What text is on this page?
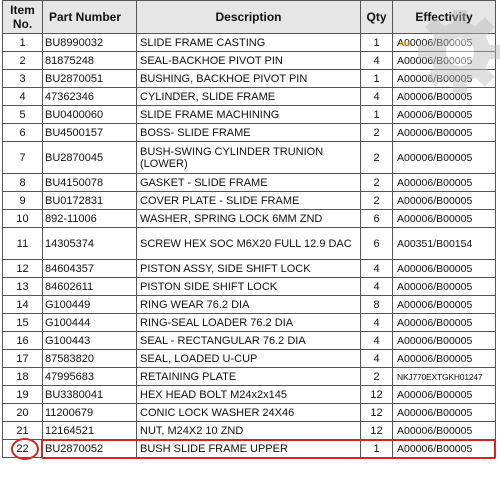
Item No.	Part Number	Description	Qty	Effectivity
1	BU8990032	SLIDE FRAME CASTING	1	A00006/B00005
2	81875248	SEAL-BACKHOE PIVOT PIN	4	A00006/B00005
3	BU2870051	BUSHING, BACKHOE PIVOT PIN	1	A00006/B00005
4	47362346	CYLINDER, SLIDE FRAME	4	A00006/B00005
5	BU0400060	SLIDE FRAME MACHINING	1	A00006/B00005
6	BU4500157	BOSS- SLIDE FRAME	2	A00006/B00005
7	BU2870045	BUSH-SWING CYLINDER TRUNION (LOWER)	2	A00006/B00005
8	BU4150078	GASKET - SLIDE FRAME	2	A00006/B00005
9	BU0172831	COVER PLATE - SLIDE FRAME	2	A00006/B00005
10	892-11006	WASHER, SPRING LOCK 6MM ZND	6	A00006/B00005
11	14305374	SCREW HEX SOC M6X20 FULL 12.9 DAC	6	A00351/B00154
12	84604357	PISTON ASSY, SIDE SHIFT LOCK	4	A00006/B00005
13	84602611	PISTON SIDE SHIFT LOCK	4	A00006/B00005
14	G100449	RING WEAR 76.2 DIA	8	A00006/B00005
15	G100444	RING-SEAL LOADER 76.2 DIA	4	A00006/B00005
16	G100443	SEAL - RECTANGULAR 76.2 DIA	4	A00006/B00005
17	87583820	SEAL, LOADED U-CUP	4	A00006/B00005
18	47995683	RETAINING PLATE	2	NKJ770EXTGKH01247
19	BU3380041	HEX HEAD BOLT M24x2x145	12	A00006/B00005
20	11200679	CONIC LOCK WASHER 24X46	12	A00006/B00005
21	12164521	NUT, M24X2 10 ZND	12	A00006/B00005
22	BU2870052	BUSH SLIDE FRAME UPPER	1	A00006/B00005
